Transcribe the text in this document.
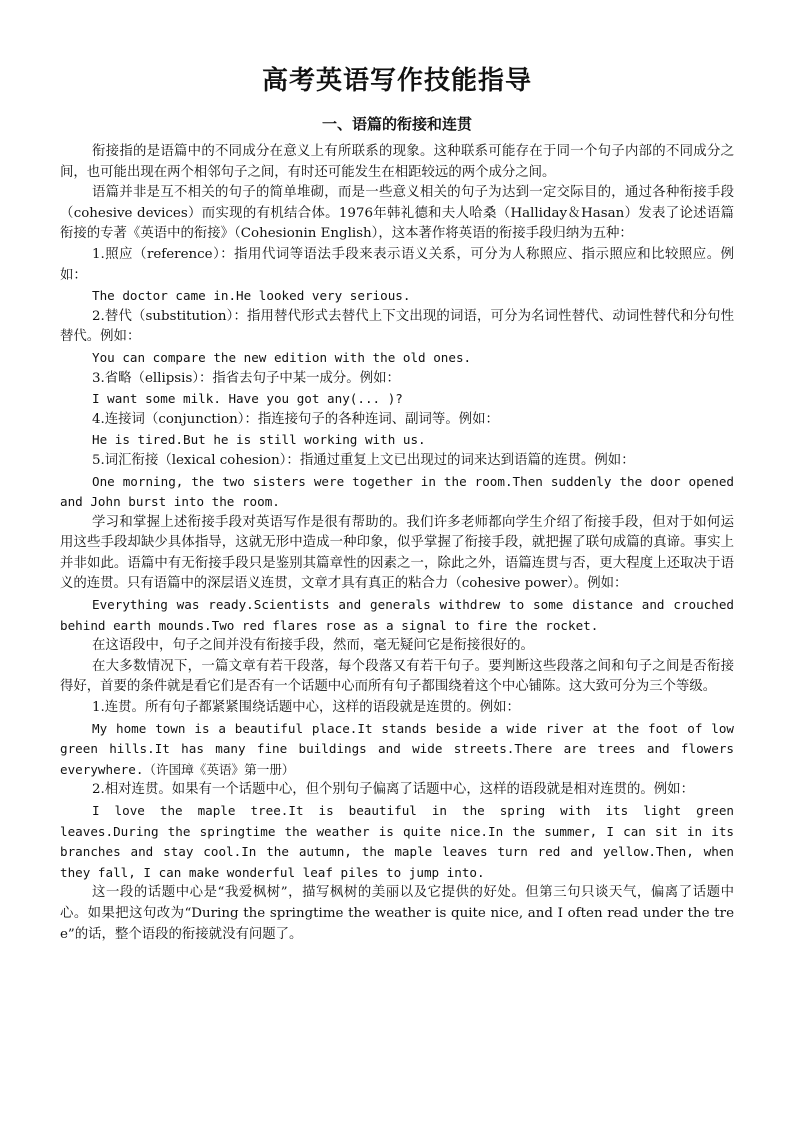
高考英语写作技能指导
一、语篇的衔接和连贯

衔接指的是语篇中的不同成分在意义上有所联系的现象。这种联系可能存在于同一个句子内部的不同成分之间，也可能出现在两个相邻句子之间，有时还可能发生在相距较远的两个成分之间。

语篇并非是互不相关的句子的简单堆砌，而是一些意义相关的句子为达到一定交际目的，通过各种衔接手段（cohesive devices）而实现的有机结合体。1976年韩礼德和夫人哈桑（Halliday＆Hasan）发表了论述语篇衔接的专著《英语中的衔接》（Cohesionin English），这本著作将英语的衔接手段归纳为五种：

1.照应（reference）：指用代词等语法手段来表示语义关系，可分为人称照应、指示照应和比较照应。例如：

The doctor came in.He looked very serious.

2.替代（substitution）：指用替代形式去替代上下文出现的词语，可分为名词性替代、动词性替代和分句性替代。例如：

You can compare the new edition with the old ones.

3.省略（ellipsis）：指省去句子中某一成分。例如：

I want some milk. Have you got any(... )?

4.连接词（conjunction）：指连接句子的各种连词、副词等。例如：

He is tired.But he is still working with us.

5.词汇衔接（lexical cohesion）：指通过重复上文已出现过的词来达到语篇的连贯。例如：

One morning, the two sisters were together in the room.Then suddenly the door opened and John burst into the room.

学习和掌握上述衔接手段对英语写作是很有帮助的。我们许多老师都向学生介绍了衔接手段，但对于如何运用这些手段却缺少具体指导，这就无形中造成一种印象，似乎掌握了衔接手段，就把握了联句成篇的真谛。事实上并非如此。语篇中有无衔接手段只是鉴别其篇章性的因素之一，除此之外，语篇连贯与否，更大程度上还取决于语义的连贯。只有语篇中的深层语义连贯，文章才具有真正的粘合力（cohesive power）。例如：

Everything was ready.Scientists and generals withdrew to some distance and crouched behind earth mounds.Two red flares rose as a signal to fire the rocket.

在这语段中，句子之间并没有衔接手段，然而，毫无疑问它是衔接很好的。

在大多数情况下，一篇文章有若干段落，每个段落又有若干句子。要判断这些段落之间和句子之间是否衔接得好，首要的条件就是看它们是否有一个话题中心而所有句子都围绕着这个中心铺陈。这大致可分为三个等级。

1.连贯。所有句子都紧紧围绕话题中心，这样的语段就是连贯的。例如：

My home town is a beautiful place.It stands beside a wide river at the foot of low green hills.It has many fine buildings and wide streets.There are trees and flowers everywhere.（许国璋《英语》第一册）

2.相对连贯。如果有一个话题中心，但个别句子偏离了话题中心，这样的语段就是相对连贯的。例如：

I love the maple tree.It is beautiful in the spring with its light green leaves.During the springtime the weather is quite nice.In the summer, I can sit in its branches and stay cool.In the autumn, the maple leaves turn red and yellow.Then, when they fall, I can make wonderful leaf piles to jump into.

这一段的话题中心是“我爱枫树”，描写枫树的美丽以及它提供的好处。但第三句只谈天气，偏离了话题中心。如果把这句改为“During the springtime the weather is quite nice, and I often read under the tree”的话，整个语段的衔接就没有问题了。
